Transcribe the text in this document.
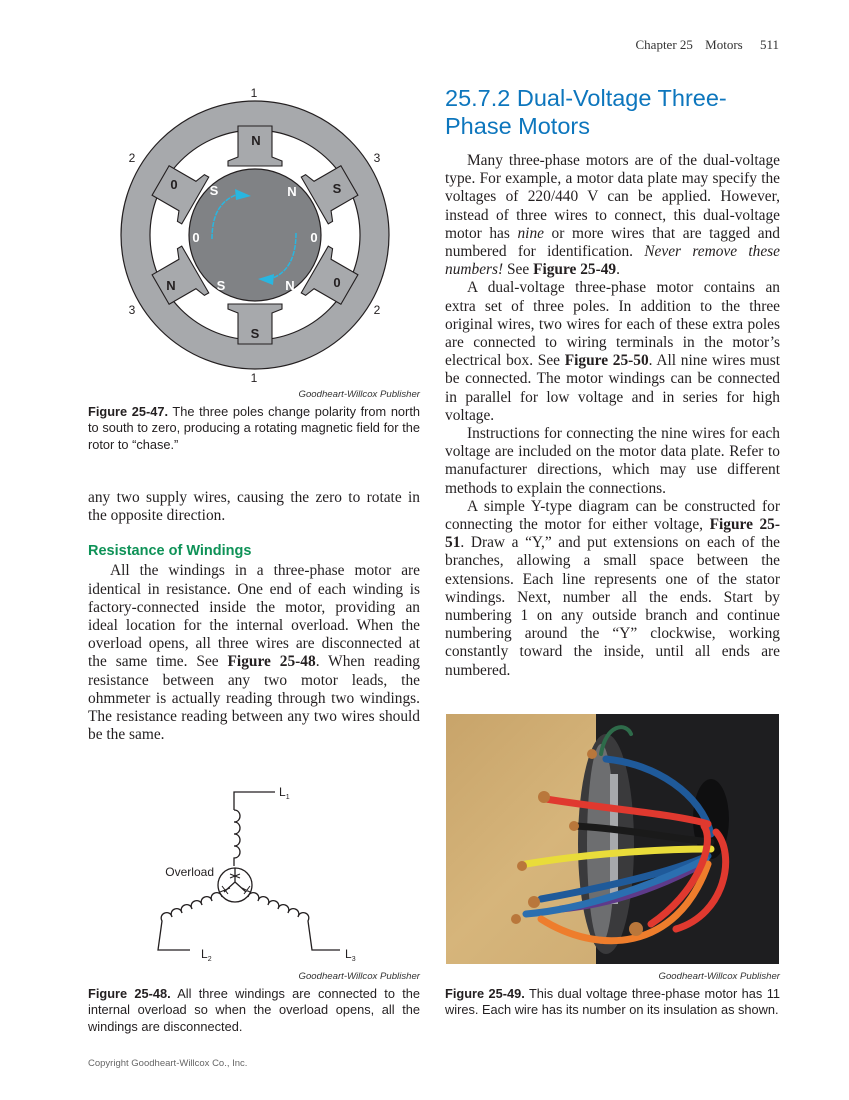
Chapter 25 Motors 511
1
1
2	3
3	2
N
0	S
N	0
S
S	N
0	0
S	N
Goodheart-Willcox Publisher

Figure 25-47. The three poles change polarity from north to south to zero, producing a rotating magnetic field for the rotor to “chase.”

any two supply wires, causing the zero to rotate in the opposite direction.

Resistance of Windings

All the windings in a three-phase motor are identical in resistance. One end of each winding is factory-connected inside the motor, providing an ideal location for the internal overload. When the overload opens, all three wires are disconnected at the same time. See Figure 25-48. When reading resistance between any two motor leads, the ohmmeter is actually reading through two windings. The resistance reading between any two wires should be the same.

Overload
$L_1$
$L_2$	$L_3$
Goodheart-Willcox Publisher

Figure 25-48. All three windings are connected to the internal overload so when the overload opens, all the windings are disconnected.

25.7.2 Dual-Voltage Three-Phase Motors

Many three-phase motors are of the dual-voltage type. For example, a motor data plate may specify the voltages of 220/440 V can be applied. However, instead of three wires to connect, this dual-voltage motor has nine or more wires that are tagged and numbered for identification. Never remove these numbers! See Figure 25-49.

A dual-voltage three-phase motor contains an extra set of three poles. In addition to the three original wires, two wires for each of these extra poles are connected to wiring terminals in the motor’s electrical box. See Figure 25-50. All nine wires must be connected. The motor windings can be connected in parallel for low voltage and in series for high voltage.

Instructions for connecting the nine wires for each voltage are included on the motor data plate. Refer to manufacturer directions, which may use different methods to explain the connections.

A simple Y-type diagram can be constructed for connecting the motor for either voltage, Figure 25-51. Draw a “Y,” and put extensions on each of the branches, allowing a small space between the extensions. Each line represents one of the stator windings. Next, number all the ends. Start by numbering 1 on any outside branch and continue numbering around the “Y” clockwise, working constantly toward the inside, until all ends are numbered.

Goodheart-Willcox Publisher

Figure 25-49. This dual voltage three-phase motor has 11 wires. Each wire has its number on its insulation as shown.

Copyright Goodheart-Willcox Co., Inc.
